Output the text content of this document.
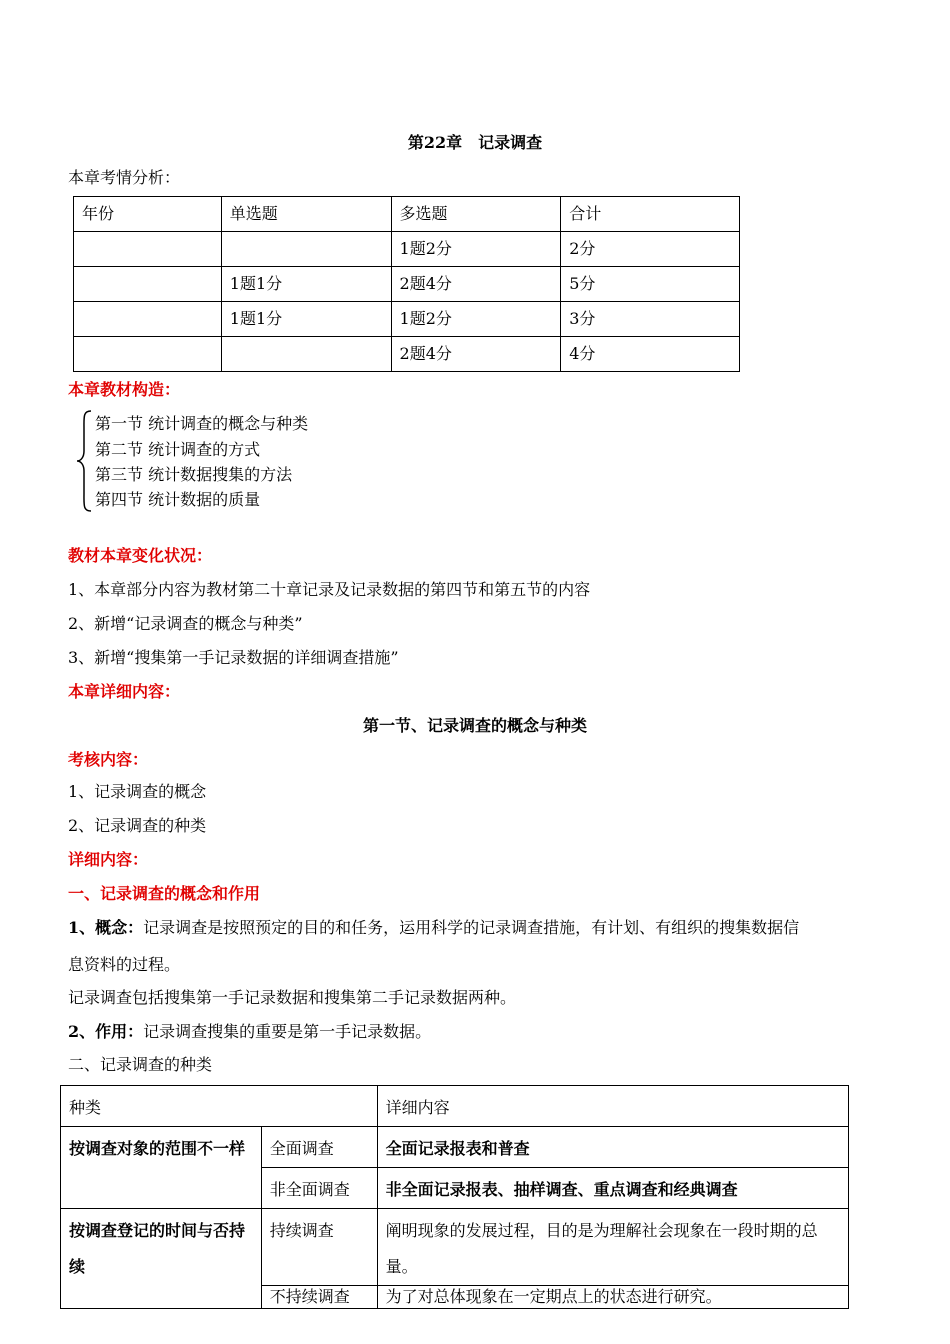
第22章　记录调查
本章考情分析：
年份	单选题	多选题	合计
		1题2分	2分
	1题1分	2题4分	5分
	1题1分	1题2分	3分
		2题4分	4分
本章教材构造：
第一节 统计调查的概念与种类
第二节 统计调查的方式
第三节 统计数据搜集的方法
第四节 统计数据的质量
教材本章变化状况：
1、本章部分内容为教材第二十章记录及记录数据的第四节和第五节的内容
2、新增“记录调查的概念与种类”
3、新增“搜集第一手记录数据的详细调查措施”
本章详细内容：
第一节、记录调查的概念与种类
考核内容：
1、记录调查的概念
2、记录调查的种类
详细内容：
一、记录调查的概念和作用
1、概念：记录调查是按照预定的目的和任务，运用科学的记录调查措施，有计划、有组织的搜集数据信
息资料的过程。
记录调查包括搜集第一手记录数据和搜集第二手记录数据两种。
2、作用：记录调查搜集的重要是第一手记录数据。
二、记录调查的种类
种类		详细内容
按调查对象的范围不一样	全面调查	全面记录报表和普查
	非全面调查	非全面记录报表、抽样调查、重点调查和经典调查
按调查登记的时间与否持续	持续调查	阐明现象的发展过程，目的是为理解社会现象在一段时期的总量。
	不持续调查	为了对总体现象在一定期点上的状态进行研究。
